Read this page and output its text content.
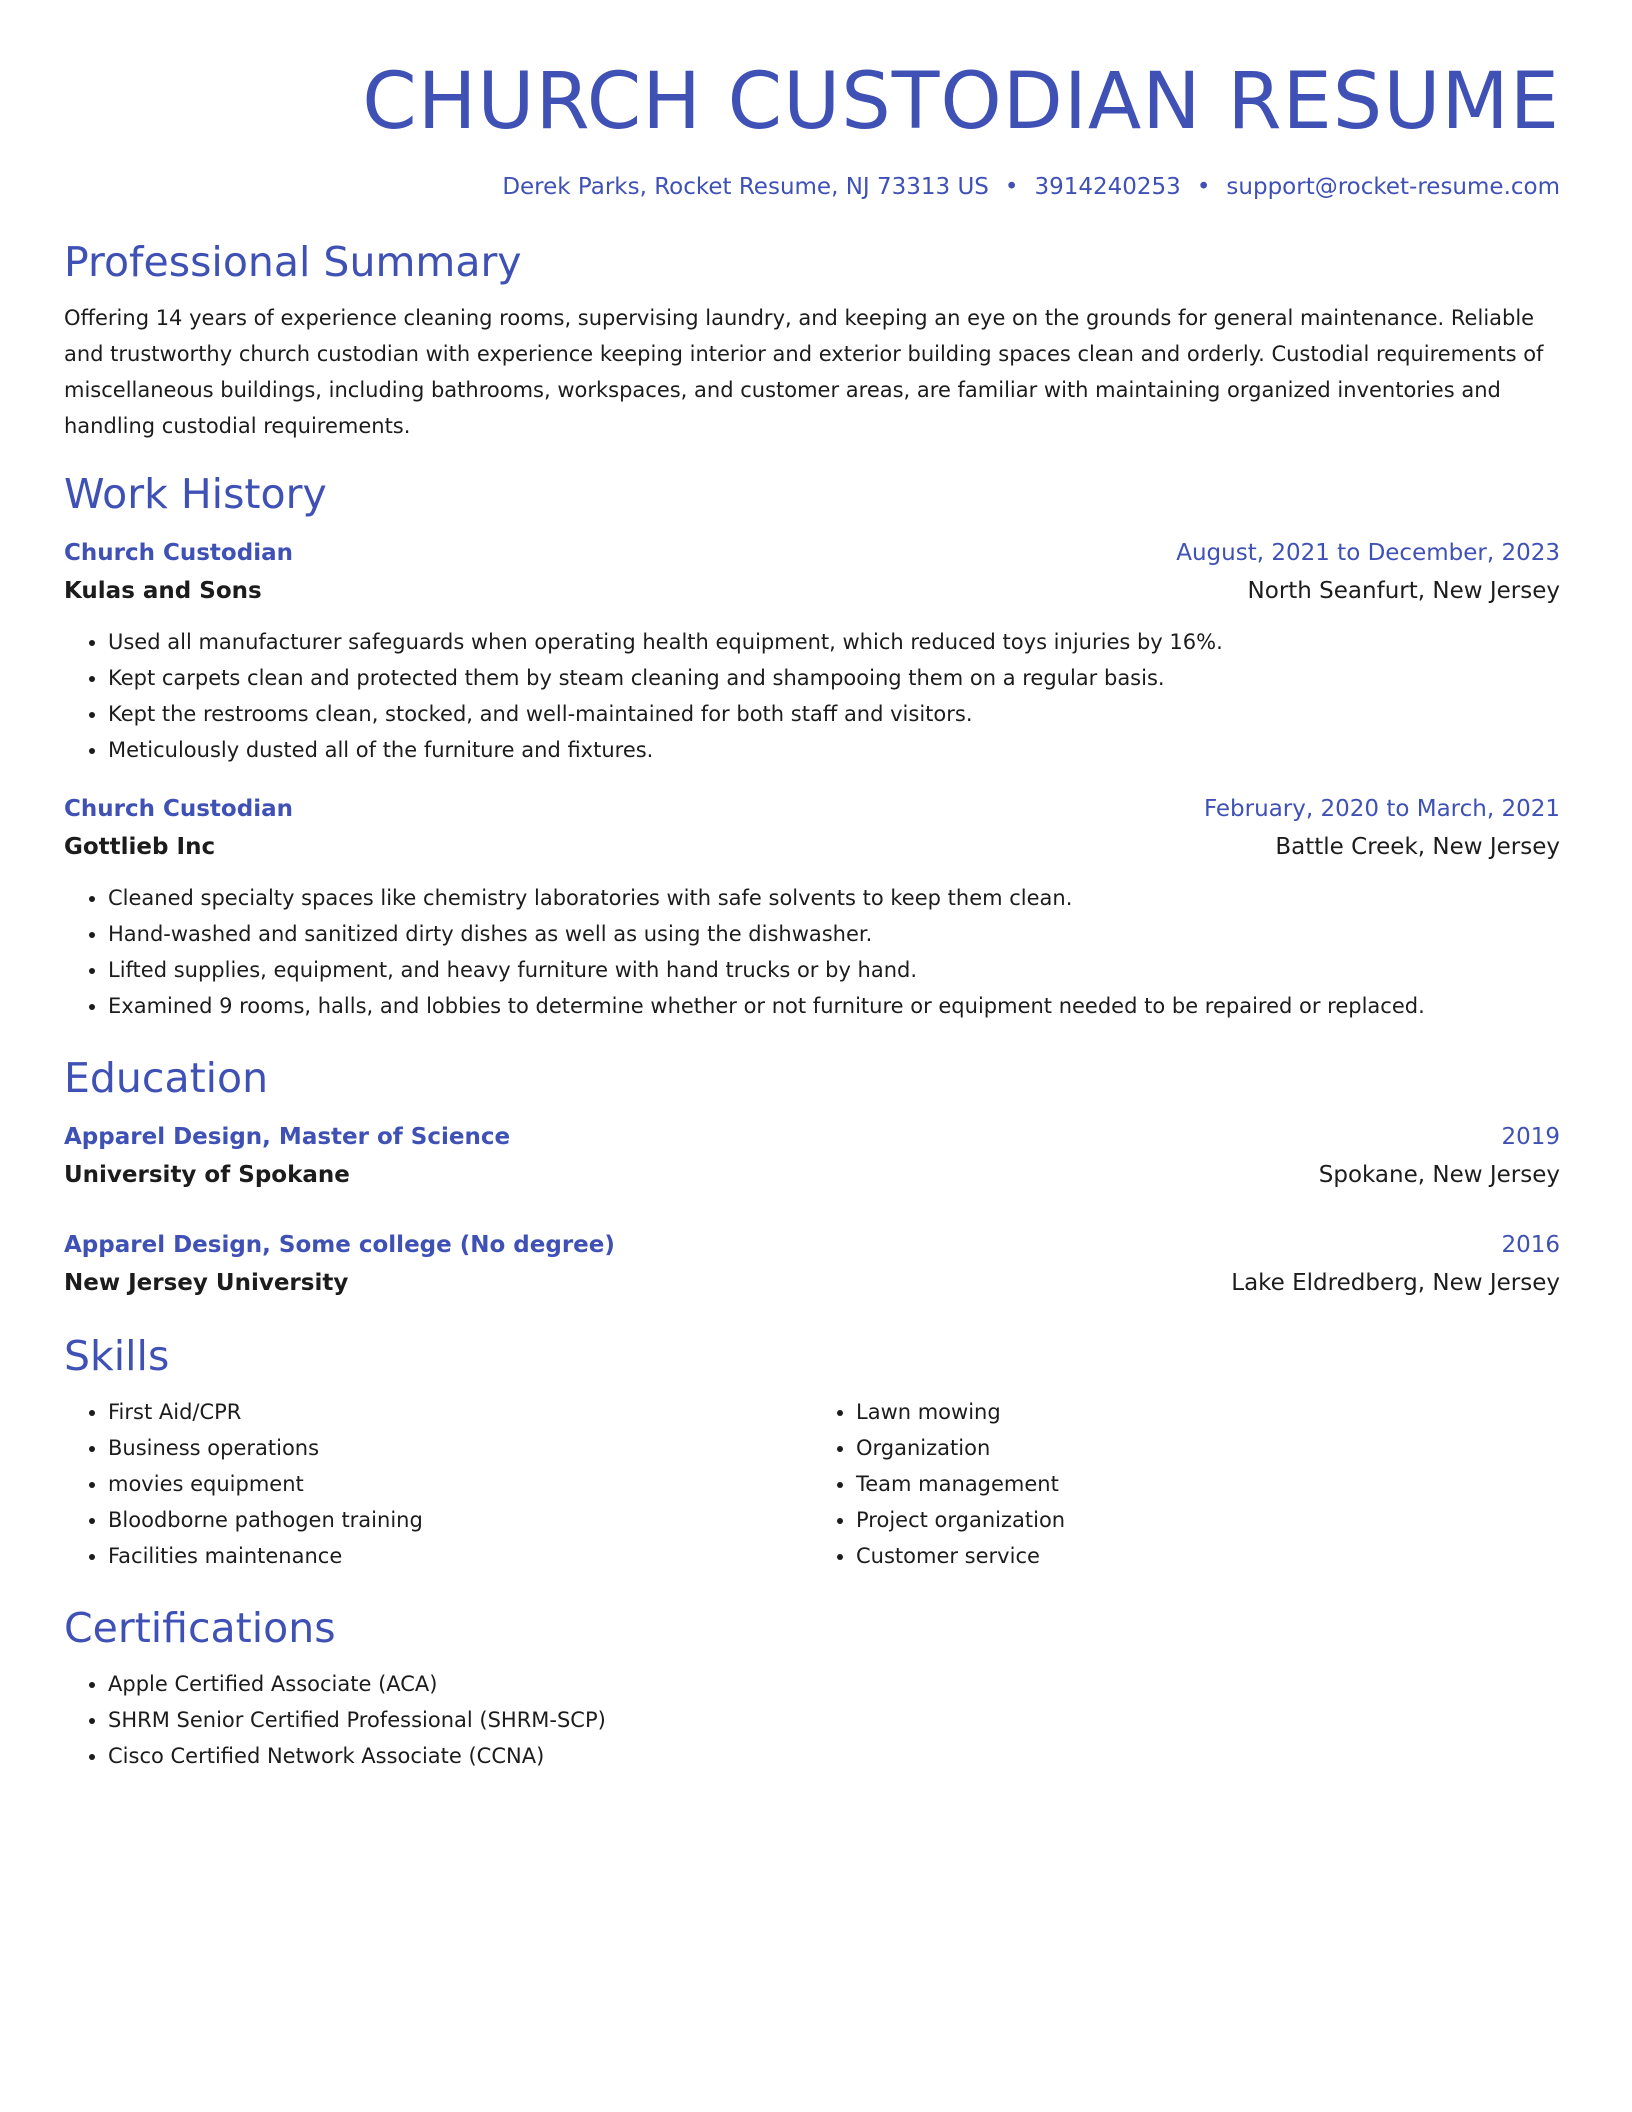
CHURCH CUSTODIAN RESUME
Derek Parks, Rocket Resume, NJ 73313 US • 3914240253 • support@rocket-resume.com
Professional Summary
Offering 14 years of experience cleaning rooms, supervising laundry, and keeping an eye on the grounds for general maintenance. Reliable and trustworthy church custodian with experience keeping interior and exterior building spaces clean and orderly. Custodial requirements of miscellaneous buildings, including bathrooms, workspaces, and customer areas, are familiar with maintaining organized inventories and handling custodial requirements.
Work History
Church Custodian	August, 2021 to December, 2023
Kulas and Sons	North Seanfurt, New Jersey
• Used all manufacturer safeguards when operating health equipment, which reduced toys injuries by 16%.
• Kept carpets clean and protected them by steam cleaning and shampooing them on a regular basis.
• Kept the restrooms clean, stocked, and well-maintained for both staff and visitors.
• Meticulously dusted all of the furniture and fixtures.
Church Custodian	February, 2020 to March, 2021
Gottlieb Inc	Battle Creek, New Jersey
• Cleaned specialty spaces like chemistry laboratories with safe solvents to keep them clean.
• Hand-washed and sanitized dirty dishes as well as using the dishwasher.
• Lifted supplies, equipment, and heavy furniture with hand trucks or by hand.
• Examined 9 rooms, halls, and lobbies to determine whether or not furniture or equipment needed to be repaired or replaced.
Education
Apparel Design, Master of Science	2019
University of Spokane	Spokane, New Jersey
Apparel Design, Some college (No degree)	2016
New Jersey University	Lake Eldredberg, New Jersey
Skills
• First Aid/CPR
• Business operations
• movies equipment
• Bloodborne pathogen training
• Facilities maintenance
• Lawn mowing
• Organization
• Team management
• Project organization
• Customer service
Certifications
• Apple Certified Associate (ACA)
• SHRM Senior Certified Professional (SHRM-SCP)
• Cisco Certified Network Associate (CCNA)
